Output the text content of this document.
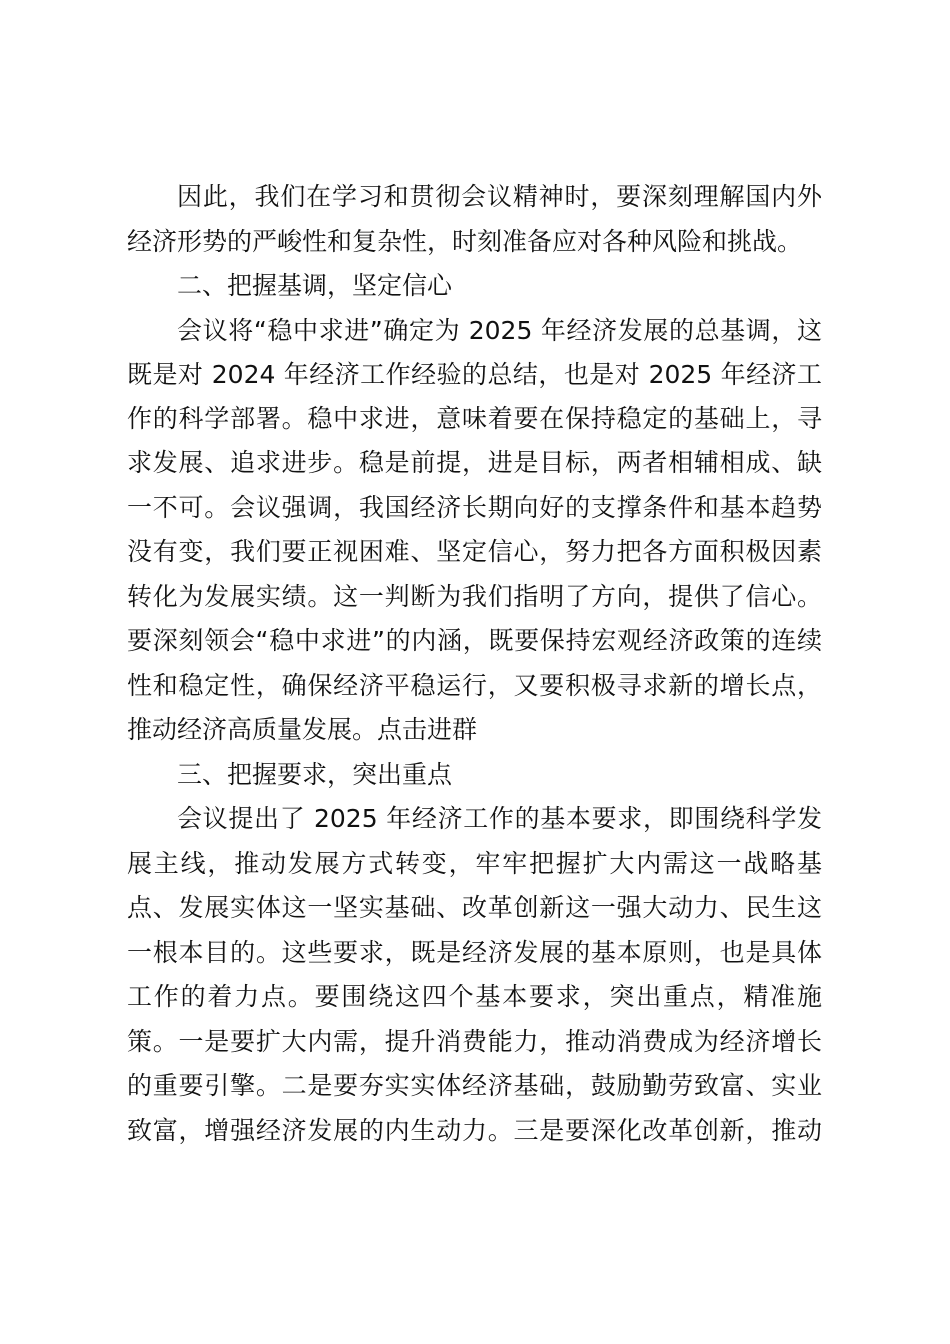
因此，我们在学习和贯彻会议精神时，要深刻理解国内外
经济形势的严峻性和复杂性，时刻准备应对各种风险和挑战。
二、把握基调，坚定信心
会议将“稳中求进”确定为 2025 年经济发展的总基调，这
既是对 2024 年经济工作经验的总结，也是对 2025 年经济工
作的科学部署。稳中求进，意味着要在保持稳定的基础上，寻
求发展、追求进步。稳是前提，进是目标，两者相辅相成、缺
一不可。会议强调，我国经济长期向好的支撑条件和基本趋势
没有变，我们要正视困难、坚定信心，努力把各方面积极因素
转化为发展实绩。这一判断为我们指明了方向，提供了信心。
要深刻领会“稳中求进”的内涵，既要保持宏观经济政策的连续
性和稳定性，确保经济平稳运行，又要积极寻求新的增长点，
推动经济高质量发展。点击进群
三、把握要求，突出重点
会议提出了 2025 年经济工作的基本要求，即围绕科学发
展主线，推动发展方式转变，牢牢把握扩大内需这一战略基
点、发展实体这一坚实基础、改革创新这一强大动力、民生这
一根本目的。这些要求，既是经济发展的基本原则，也是具体
工作的着力点。要围绕这四个基本要求，突出重点，精准施
策。一是要扩大内需，提升消费能力，推动消费成为经济增长
的重要引擎。二是要夯实实体经济基础，鼓励勤劳致富、实业
致富，增强经济发展的内生动力。三是要深化改革创新，推动
